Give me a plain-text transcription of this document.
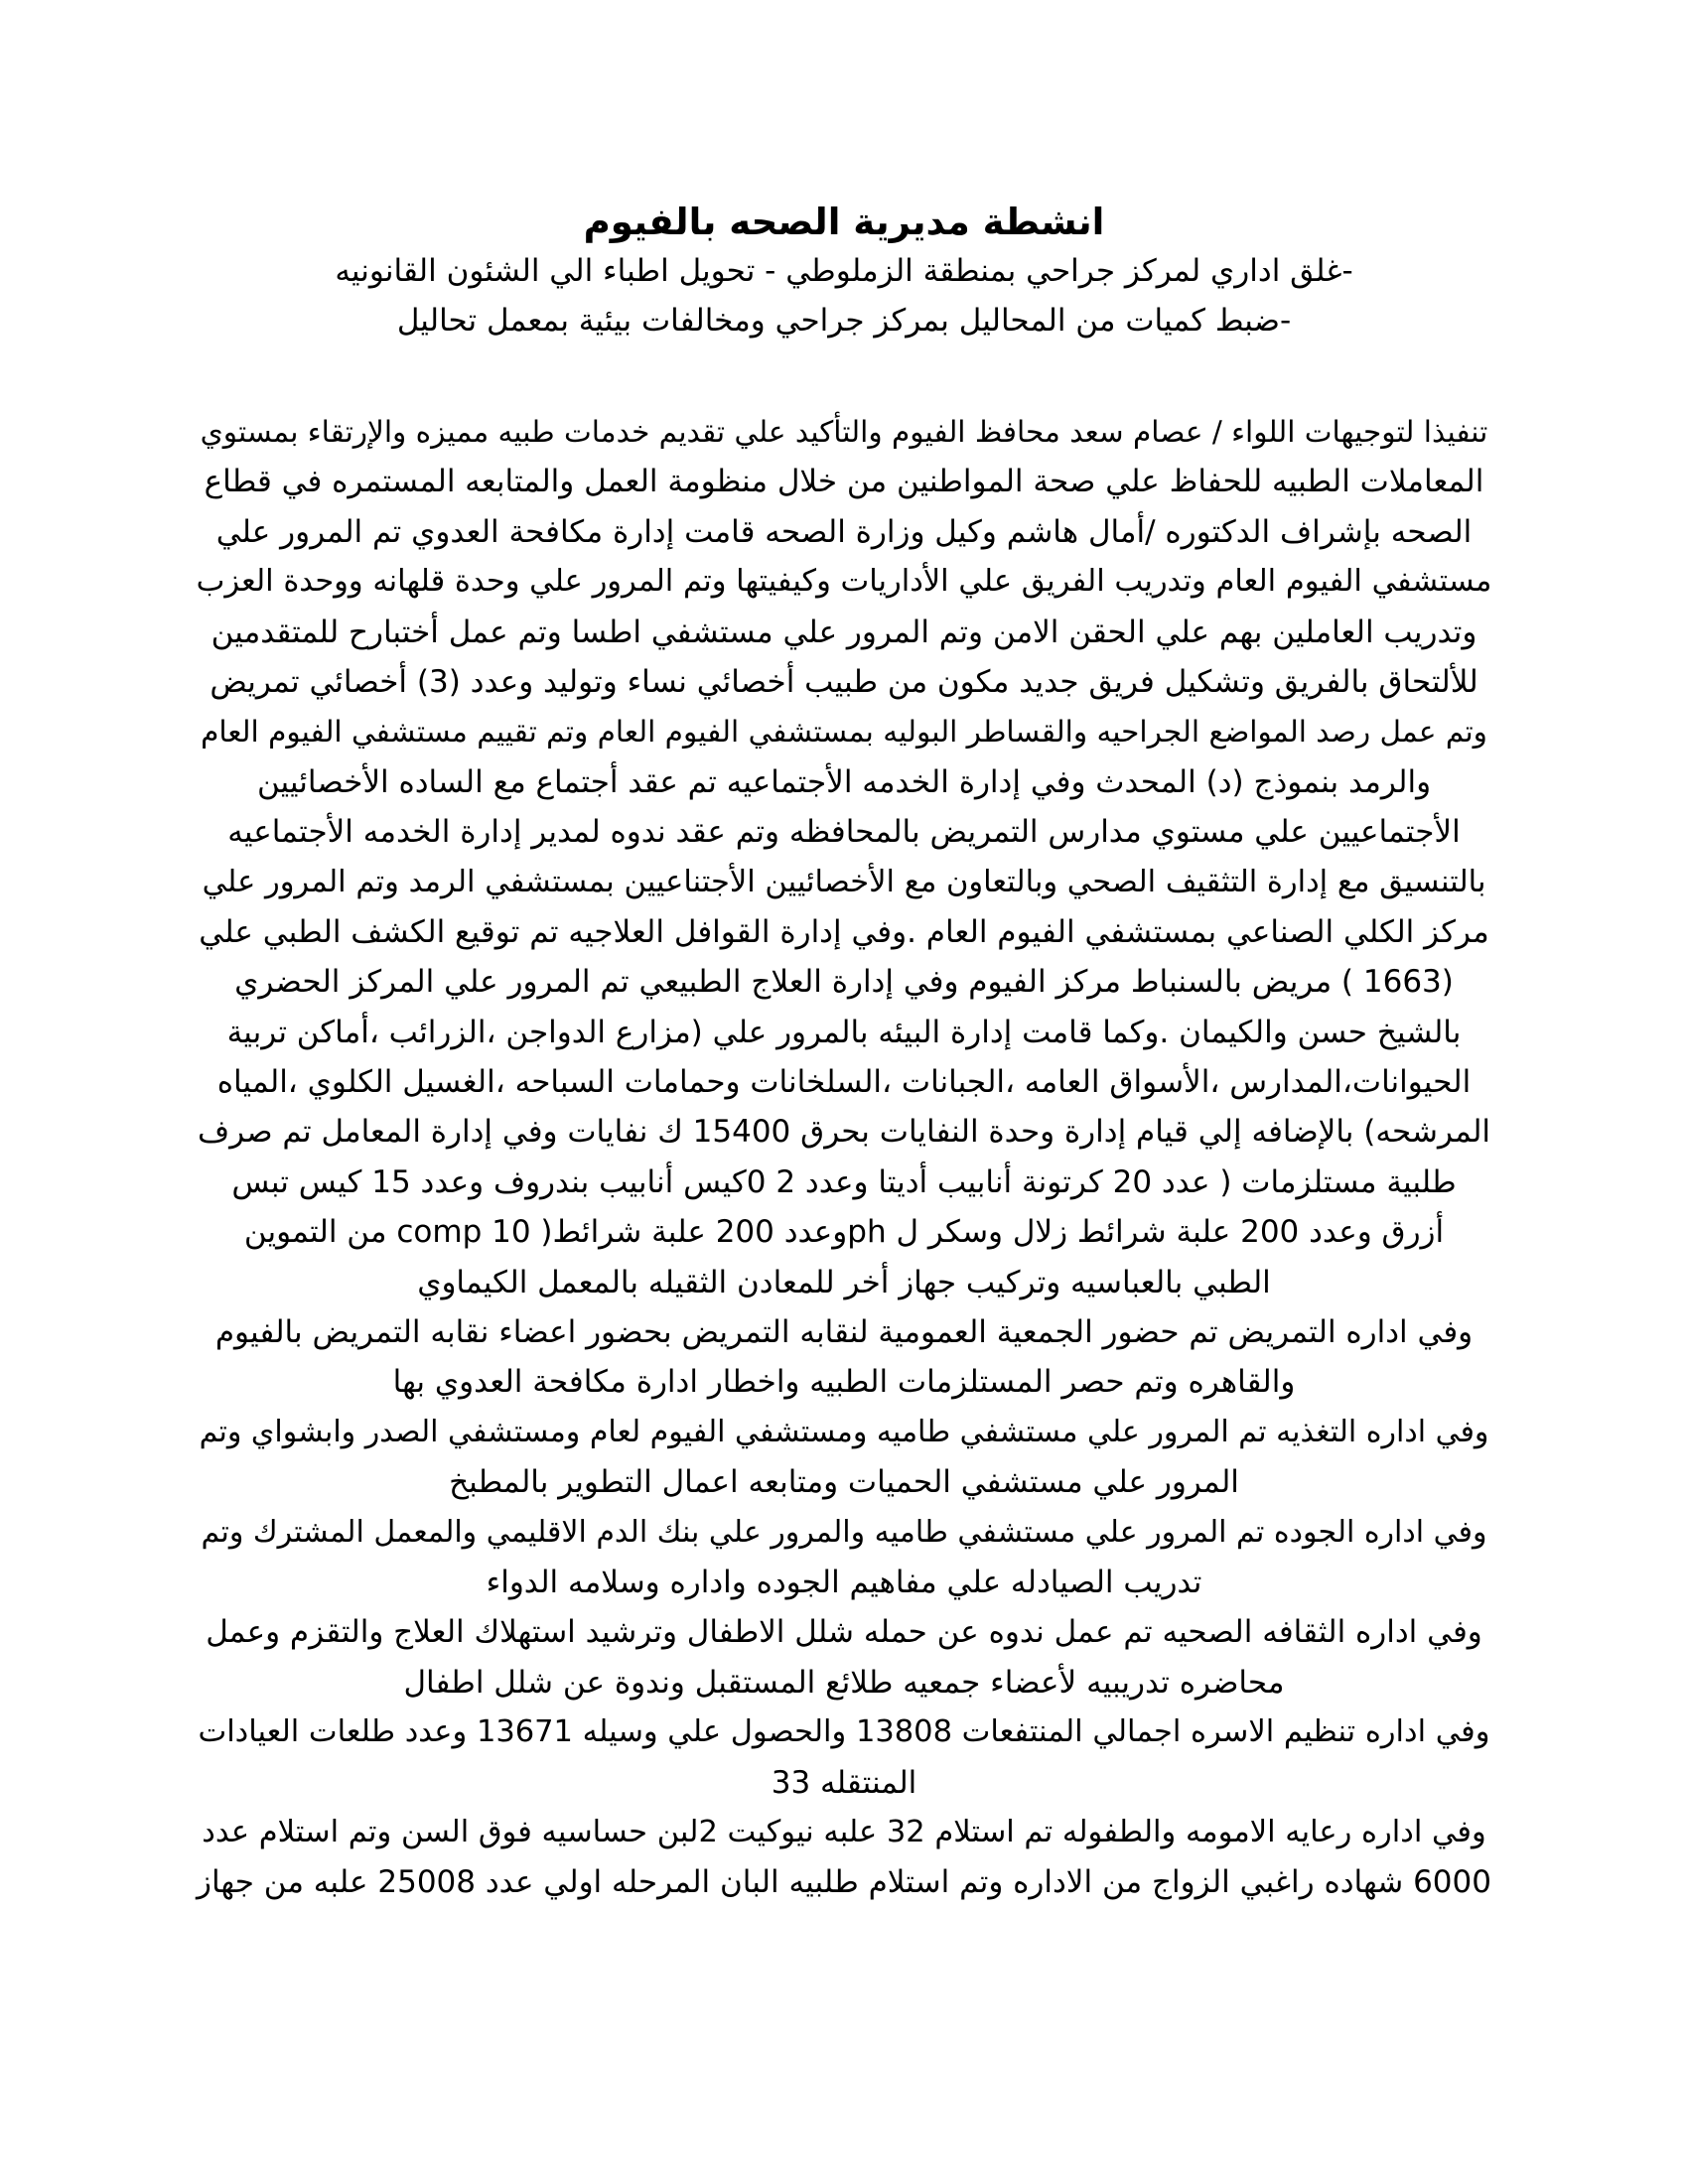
انشطة مديرية الصحه بالفيوم

-غلق اداري لمركز جراحي بمنطقة الزملوطي - تحويل اطباء الي الشئون القانونيه

-ضبط كميات من المحاليل بمركز جراحي ومخالفات بيئية بمعمل تحاليل

تنفيذا لتوجيهات اللواء / عصام سعد محافظ الفيوم والتأكيد علي تقديم خدمات طبيه مميزه والإرتقاء بمستوي
المعاملات الطبيه للحفاظ علي صحة المواطنين من خلال منظومة العمل والمتابعه المستمره في قطاع
الصحه بإشراف الدكتوره /أمال هاشم وكيل وزارة الصحه قامت إدارة مكافحة العدوي تم المرور علي
مستشفي الفيوم العام وتدريب الفريق علي الأداريات وكيفيتها وتم المرور علي وحدة قلهانه ووحدة العزب
وتدريب العاملين بهم علي الحقن الامن وتم المرور علي مستشفي اطسا وتم عمل أختبارح للمتقدمين
للألتحاق بالفريق وتشكيل فريق جديد مكون من طبيب أخصائي نساء وتوليد وعدد (3) أخصائي تمريض
وتم عمل رصد المواضع الجراحيه والقساطر البوليه بمستشفي الفيوم العام وتم تقييم مستشفي الفيوم العام
والرمد بنموذج (د) المحدث وفي إدارة الخدمه الأجتماعيه تم عقد أجتماع مع الساده الأخصائيين
الأجتماعيين علي مستوي مدارس التمريض بالمحافظه وتم عقد ندوه لمدير إدارة الخدمه الأجتماعيه
بالتنسيق مع إدارة التثقيف الصحي وبالتعاون مع الأخصائيين الأجتناعيين بمستشفي الرمد وتم المرور علي
مركز الكلي الصناعي بمستشفي الفيوم العام .وفي إدارة القوافل العلاجيه تم توقيع الكشف الطبي علي
(1663 ) مريض بالسنباط مركز الفيوم وفي إدارة العلاج الطبيعي تم المرور علي المركز الحضري
بالشيخ حسن والكيمان .وكما قامت إدارة البيئه بالمرور علي (مزارع الدواجن ،الزرائب ،أماكن تربية
الحيوانات،المدارس ،الأسواق العامه ،الجبانات ،السلخانات وحمامات السباحه ،الغسيل الكلوي ،المياه
المرشحه) بالإضافه إلي قيام إدارة وحدة النفايات بحرق 15400 ك نفايات وفي إدارة المعامل تم صرف
طلبية مستلزمات ( عدد 20 كرتونة أنابيب أديتا وعدد 2 0كيس أنابيب بندروف وعدد 15 كيس تبس
أزرق وعدد 200 علبة شرائط زلال وسكر ل phوعدد 200 علبة شرائط( comp 10 من التموين
الطبي بالعباسيه وتركيب جهاز أخر للمعادن الثقيله بالمعمل الكيماوي
وفي اداره التمريض تم حضور الجمعية العمومية لنقابه التمريض بحضور اعضاء نقابه التمريض بالفيوم
والقاهره وتم حصر المستلزمات الطبيه واخطار ادارة مكافحة العدوي بها
وفي اداره التغذيه تم المرور علي مستشفي طاميه ومستشفي الفيوم لعام ومستشفي الصدر وابشواي وتم
المرور علي مستشفي الحميات ومتابعه اعمال التطوير بالمطبخ
وفي اداره الجوده تم المرور علي مستشفي طاميه والمرور علي بنك الدم الاقليمي والمعمل المشترك وتم
تدريب الصيادله علي مفاهيم الجوده واداره وسلامه الدواء
وفي اداره الثقافه الصحيه تم عمل ندوه عن حمله شلل الاطفال وترشيد استهلاك العلاج والتقزم وعمل
محاضره تدريبيه لأعضاء جمعيه طلائع المستقبل وندوة عن شلل اطفال
وفي اداره تنظيم الاسره اجمالي المنتفعات 13808 والحصول علي وسيله 13671 وعدد طلعات العيادات
المنتقله 33
وفي اداره رعايه الامومه والطفوله تم استلام 32 علبه نيوكيت 2لبن حساسيه فوق السن وتم استلام عدد
6000 شهاده راغبي الزواج من الاداره وتم استلام طلبيه البان المرحله اولي عدد 25008 علبه من جهاز
